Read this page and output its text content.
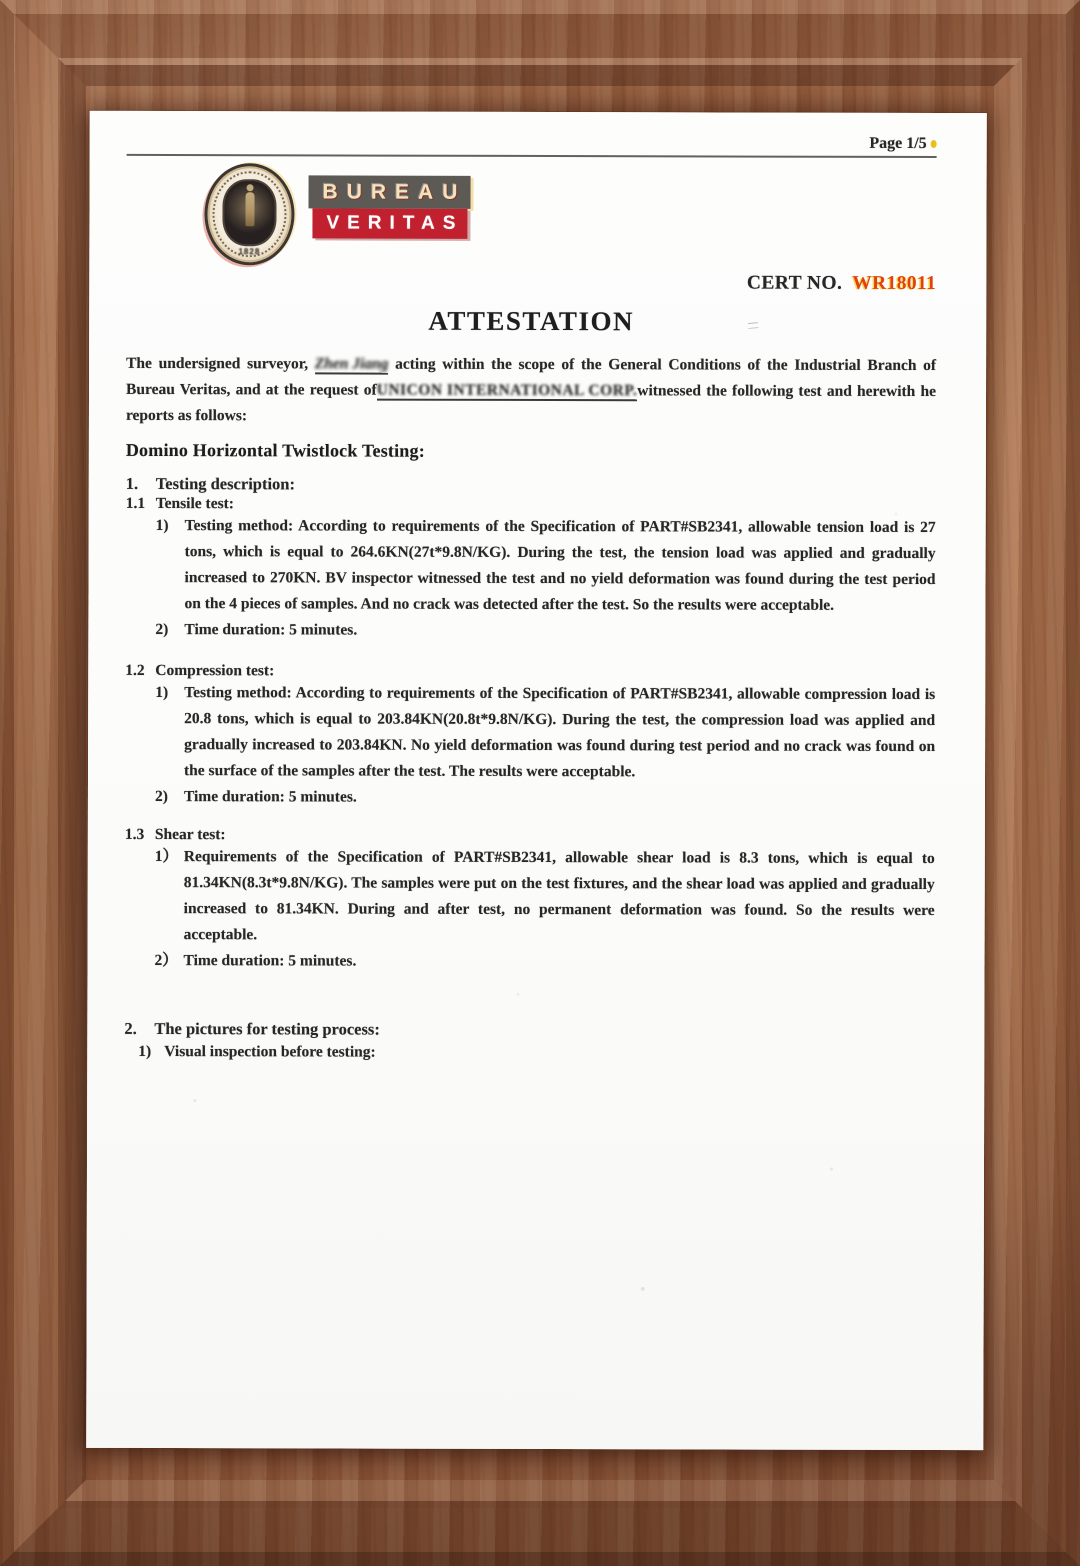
Page 1/5
1828
BUREAU
VERITAS
CERT NO. WR18011
ATTESTATION

The undersigned surveyor, Zhen Jiang acting within the scope of the General Conditions of the Industrial Branch of Bureau Veritas, and at the request ofUNICON INTERNATIONAL CORP.witnessed the following test and herewith he reports as follows:

Domino Horizontal Twistlock Testing:
1.	Testing description:
1.1 Tensile test:
1)	Testing method: According to requirements of the Specification of PART#SB2341, allowable tension load is 27 tons, which is equal to 264.6KN(27t*9.8N/KG). During the test, the tension load was applied and gradually increased to 270KN. BV inspector witnessed the test and no yield deformation was found during the test period on the 4 pieces of samples. And no crack was detected after the test. So the results were acceptable.
2)	Time duration: 5 minutes.
1.2 Compression test:
1)	Testing method: According to requirements of the Specification of PART#SB2341, allowable compression load is 20.8 tons, which is equal to 203.84KN(20.8t*9.8N/KG). During the test, the compression load was applied and gradually increased to 203.84KN. No yield deformation was found during test period and no crack was found on the surface of the samples after the test. The results were acceptable.
2)	Time duration: 5 minutes.
1.3 Shear test:
1） Requirements of the Specification of PART#SB2341, allowable shear load is 8.3 tons, which is equal to 81.34KN(8.3t*9.8N/KG). The samples were put on the test fixtures, and the shear load was applied and gradually increased to 81.34KN. During and after test, no permanent deformation was found. So the results were acceptable.
2） Time duration: 5 minutes.
2.	The pictures for testing process:
1) Visual inspection before testing:
